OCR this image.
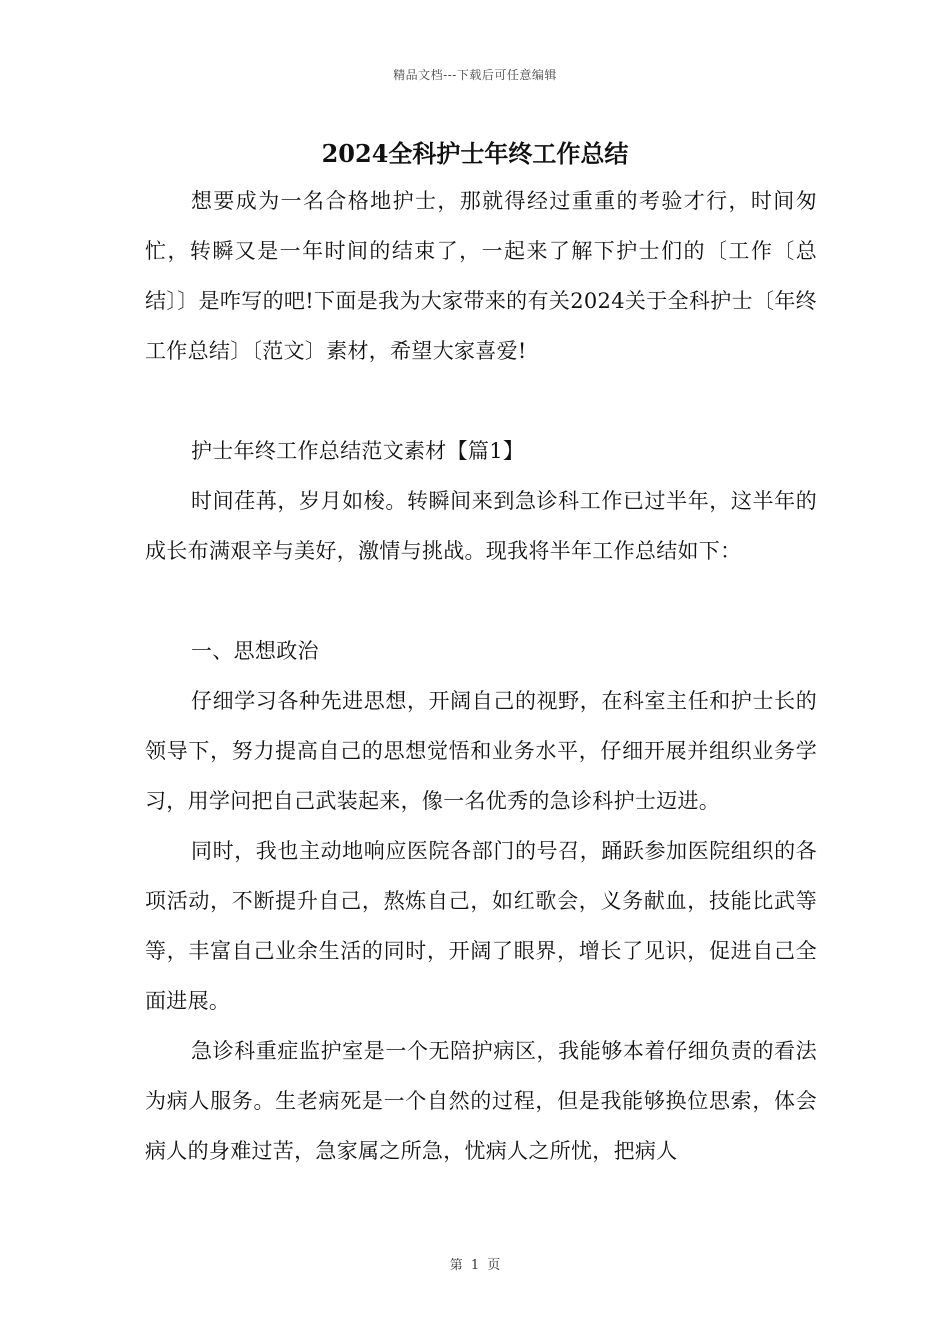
精品文档---下载后可任意编辑
2024全科护士年终工作总结

想要成为一名合格地护士，那就得经过重重的考验才行，时间匆忙，转瞬又是一年时间的结束了，一起来了解下护士们的〔工作〔总结〕〕是咋写的吧!下面是我为大家带来的有关2024关于全科护士〔年终工作总结〕〔范文〕素材，希望大家喜爱!

护士年终工作总结范文素材【篇1】

时间荏苒，岁月如梭。转瞬间来到急诊科工作已过半年，这半年的成长布满艰辛与美好，激情与挑战。现我将半年工作总结如下：

一、思想政治

仔细学习各种先进思想，开阔自己的视野，在科室主任和护士长的领导下，努力提高自己的思想觉悟和业务水平，仔细开展并组织业务学习，用学问把自己武装起来，像一名优秀的急诊科护士迈进。

同时，我也主动地响应医院各部门的号召，踊跃参加医院组织的各项活动，不断提升自己，熬炼自己，如红歌会，义务献血，技能比武等等，丰富自己业余生活的同时，开阔了眼界，增长了见识，促进自己全面进展。

急诊科重症监护室是一个无陪护病区，我能够本着仔细负责的看法为病人服务。生老病死是一个自然的过程，但是我能够换位思索，体会病人的身难过苦，急家属之所急，忧病人之所忧，把病人

第 1 页
